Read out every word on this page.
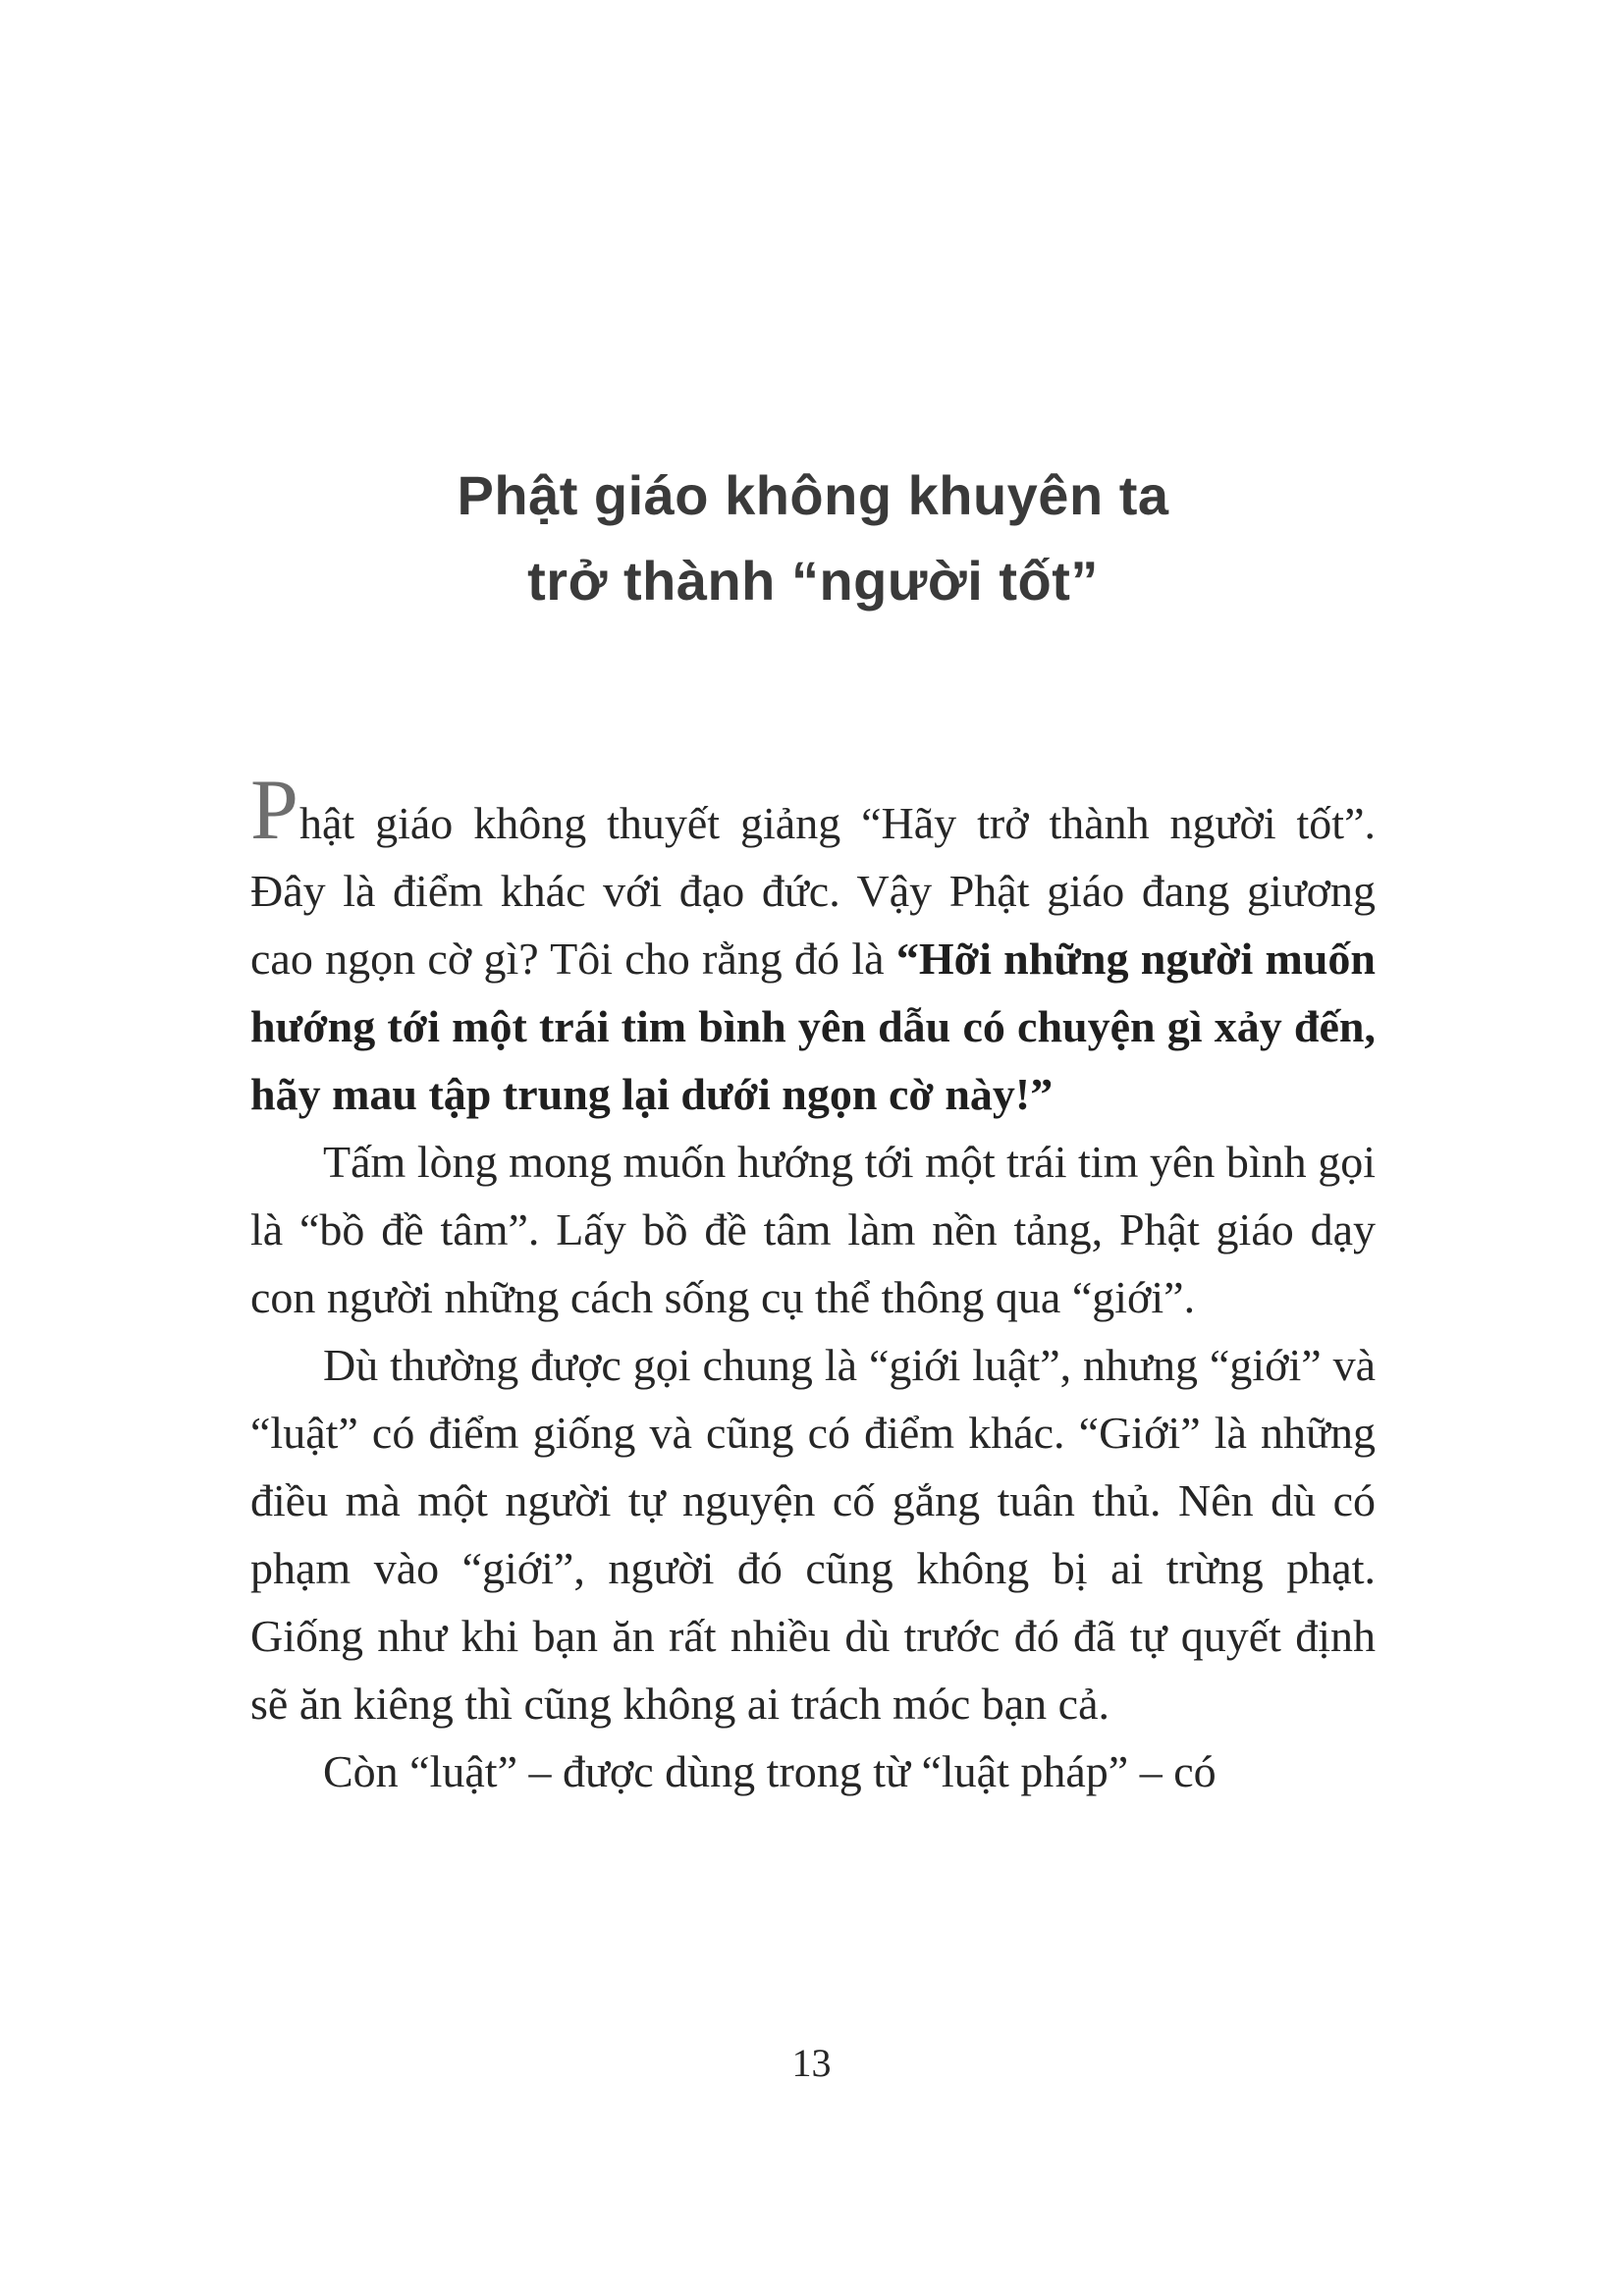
Phật giáo không khuyên ta
trở thành “người tốt”

Phật giáo không thuyết giảng “Hãy trở thành người tốt”. Đây là điểm khác với đạo đức. Vậy Phật giáo đang giương cao ngọn cờ gì? Tôi cho rằng đó là “Hỡi những người muốn hướng tới một trái tim bình yên dẫu có chuyện gì xảy đến, hãy mau tập trung lại dưới ngọn cờ này!”

Tấm lòng mong muốn hướng tới một trái tim yên bình gọi là “bồ đề tâm”. Lấy bồ đề tâm làm nền tảng, Phật giáo dạy con người những cách sống cụ thể thông qua “giới”.

Dù thường được gọi chung là “giới luật”, nhưng “giới” và “luật” có điểm giống và cũng có điểm khác. “Giới” là những điều mà một người tự nguyện cố gắng tuân thủ. Nên dù có phạm vào “giới”, người đó cũng không bị ai trừng phạt. Giống như khi bạn ăn rất nhiều dù trước đó đã tự quyết định sẽ ăn kiêng thì cũng không ai trách móc bạn cả.

Còn “luật” – được dùng trong từ “luật pháp” – có

13
